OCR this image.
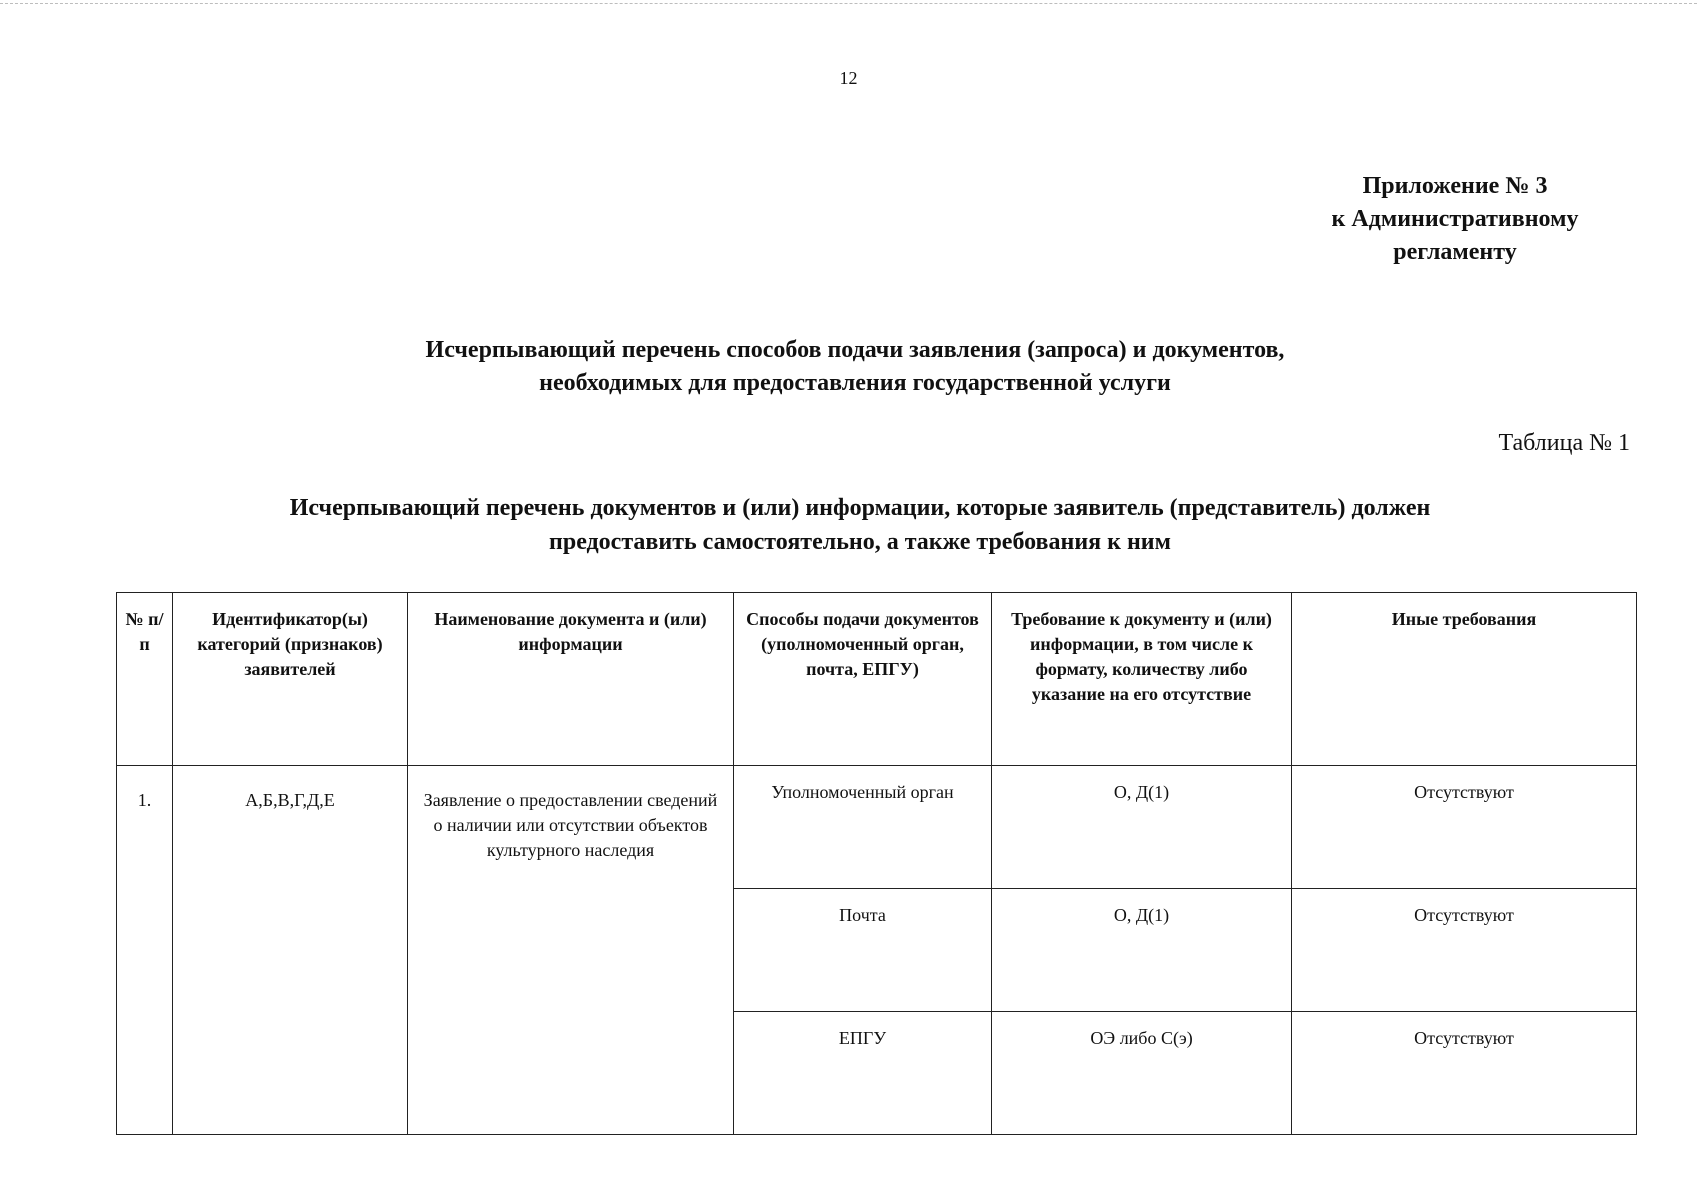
12
Приложение № 3
к Административному
регламенту
Исчерпывающий перечень способов подачи заявления (запроса) и документов,
необходимых для предоставления государственной услуги
Таблица № 1
Исчерпывающий перечень документов и (или) информации, которые заявитель (представитель) должен
предоставить самостоятельно, а также требования к ним
№ п/п	Идентификатор(ы) категорий (признаков) заявителей	Наименование документа и (или) информации	Способы подачи документов (уполномоченный орган, почта, ЕПГУ)	Требование к документу и (или) информации, в том числе к формату, количеству либо указание на его отсутствие	Иные требования
1.	А,Б,В,Г,Д,Е	Заявление о предоставлении сведений о наличии или отсутствии объектов культурного наследия	Уполномоченный орган	О, Д(1)	Отсутствуют
			Почта	О, Д(1)	Отсутствуют
			ЕПГУ	ОЭ либо С(э)	Отсутствуют
